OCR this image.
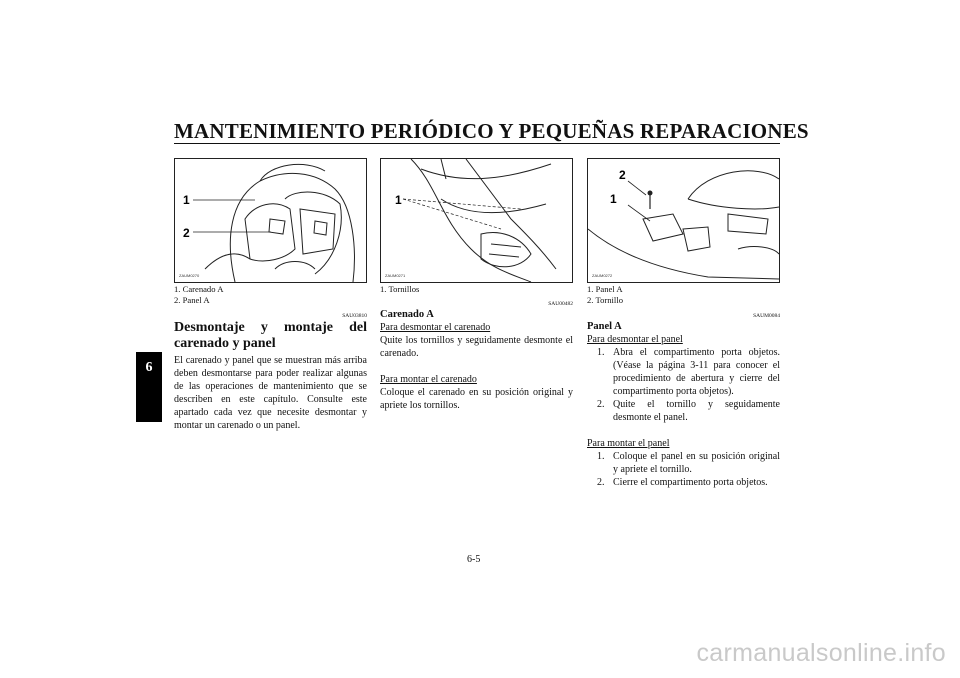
MANTENIMIENTO PERIÓDICO Y PEQUEÑAS REPARACIONES
6
1
2
ZAUM0270
1
ZAUM0271
2
1
ZAUM0272
1. Carenado A
2. Panel A
SAU03810
Desmontaje y montaje del carenado y panel
El carenado y panel que se muestran más arriba deben desmontarse para poder realizar algunas de las operaciones de mantenimiento que se describen en este capítulo. Consulte este apartado cada vez que necesite desmontar y montar un carenado o un panel.
1. Tornillos
SAU00482
Carenado A
Para desmontar el carenado
Quite los tornillos y seguidamente desmonte el carenado.
Para montar el carenado
Coloque el carenado en su posición original y apriete los tornillos.
1. Panel A
2. Tornillo
SAUM0084
Panel A
Para desmontar el panel
1. Abra el compartimento porta objetos.(Véase la página 3-11 para conocer el procedimiento de abertura y cierre del compartimento porta objetos).
2. Quite el tornillo y seguidamente desmonte el panel.
Para montar el panel
1. Coloque el panel en su posición original y apriete el tornillo.
2. Cierre el compartimento porta objetos.
6-5
carmanualsonline.info
